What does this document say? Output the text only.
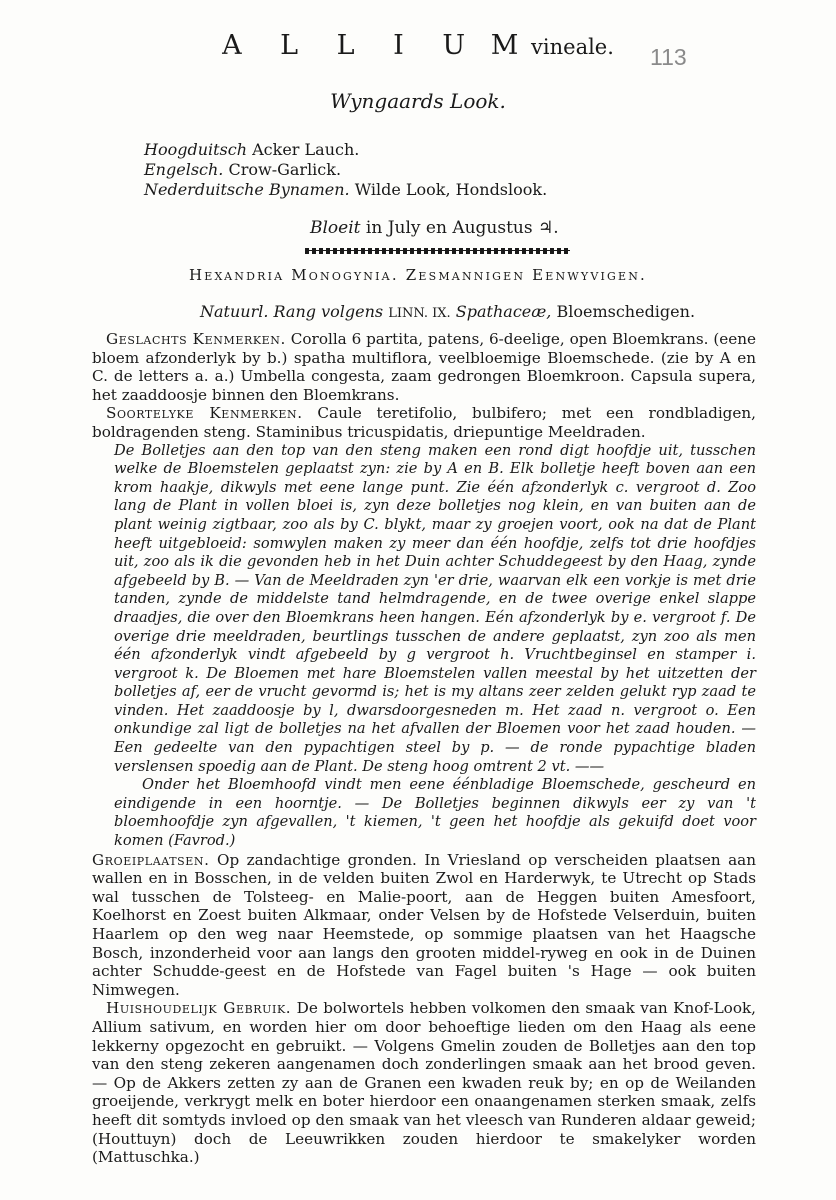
A L L I U M vineale.	113
Wyngaards Look.
Hoogduitsch Acker Lauch.
Engelsch. Crow-Garlick.
Nederduitsche Bynamen. Wilde Look, Hondslook.
Bloeit in July en Augustus ♃.
Hexandria Monogynia. Zesmannigen Eenwyvigen.
Natuurl. Rang volgens LINN. IX. Spathaceæ, Bloemschedigen.

Geslachts Kenmerken. Corolla 6 partita, patens, 6-deelige, open Bloemkrans. (eene bloem afzonderlyk by b.) spatha multiflora, veelbloemige Bloemschede. (zie by A en C. de letters a. a.) Umbella congesta, zaam gedrongen Bloemkroon. Capsula supera, het zaaddoosje binnen den Bloemkrans.

Soortelyke Kenmerken. Caule teretifolio, bulbifero; met een rondbladigen, boldragenden steng. Staminibus tricuspidatis, driepuntige Meeldraden.

De Bolletjes aan den top van den steng maken een rond digt hoofdje uit, tusschen welke de Bloemstelen geplaatst zyn: zie by A en B. Elk bolletje heeft boven aan een krom haakje, dikwyls met eene lange punt. Zie één afzonderlyk c. vergroot d. Zoo lang de Plant in vollen bloei is, zyn deze bolletjes nog klein, en van buiten aan de plant weinig zigtbaar, zoo als by C. blykt, maar zy groejen voort, ook na dat de Plant heeft uitgebloeid: somwylen maken zy meer dan één hoofdje, zelfs tot drie hoofdjes uit, zoo als ik die gevonden heb in het Duin achter Schuddegeest by den Haag, zynde afgebeeld by B. — Van de Meeldraden zyn 'er drie, waarvan elk een vorkje is met drie tanden, zynde de middelste tand helmdragende, en de twee overige enkel slappe draadjes, die over den Bloemkrans heen hangen. Eén afzonderlyk by e. vergroot f. De overige drie meeldraden, beurtlings tusschen de andere geplaatst, zyn zoo als men één afzonderlyk vindt afgebeeld by g vergroot h. Vruchtbeginsel en stamper i. vergroot k. De Bloemen met hare Bloemstelen vallen meestal by het uitzetten der bolletjes af, eer de vrucht gevormd is; het is my altans zeer zelden gelukt ryp zaad te vinden. Het zaaddoosje by l, dwarsdoorgesneden m. Het zaad n. vergroot o. Een onkundige zal ligt de bolletjes na het afvallen der Bloemen voor het zaad houden. — Een gedeelte van den pypachtigen steel by p. — de ronde pypachtige bladen verslensen spoedig aan de Plant. De steng hoog omtrent 2 vt. ——

Onder het Bloemhoofd vindt men eene éénbladige Bloemschede, gescheurd en eindigende in een hoorntje. — De Bolletjes beginnen dikwyls eer zy van 't bloemhoofdje zyn afgevallen, 't kiemen, 't geen het hoofdje als gekuifd doet voor komen (Favrod.)

Groeiplaatsen. Op zandachtige gronden. In Vriesland op verscheiden plaatsen aan wallen en in Bosschen, in de velden buiten Zwol en Harderwyk, te Utrecht op Stads wal tusschen de Tolsteeg- en Malie-poort, aan de Heggen buiten Amesfoort, Koelhorst en Zoest buiten Alkmaar, onder Velsen by de Hofstede Velserduin, buiten Haarlem op den weg naar Heemstede, op sommige plaatsen van het Haagsche Bosch, inzonderheid voor aan langs den grooten middel-ryweg en ook in de Duinen achter Schudde-geest en de Hofstede van Fagel buiten 's Hage — ook buiten Nimwegen.

Huishoudelijk Gebruik. De bolwortels hebben volkomen den smaak van Knof-Look, Allium sativum, en worden hier om door behoeftige lieden om den Haag als eene lekkerny opgezocht en gebruikt. — Volgens Gmelin zouden de Bolletjes aan den top van den steng zekeren aangenamen doch zonderlingen smaak aan het brood geven. — Op de Akkers zetten zy aan de Granen een kwaden reuk by; en op de Weilanden groeijende, verkrygt melk en boter hierdoor een onaangenamen sterken smaak, zelfs heeft dit somtyds invloed op den smaak van het vleesch van Runderen aldaar geweid; (Houttuyn) doch de Leeuwrikken zouden hierdoor te smakelyker worden (Mattuschka.)
